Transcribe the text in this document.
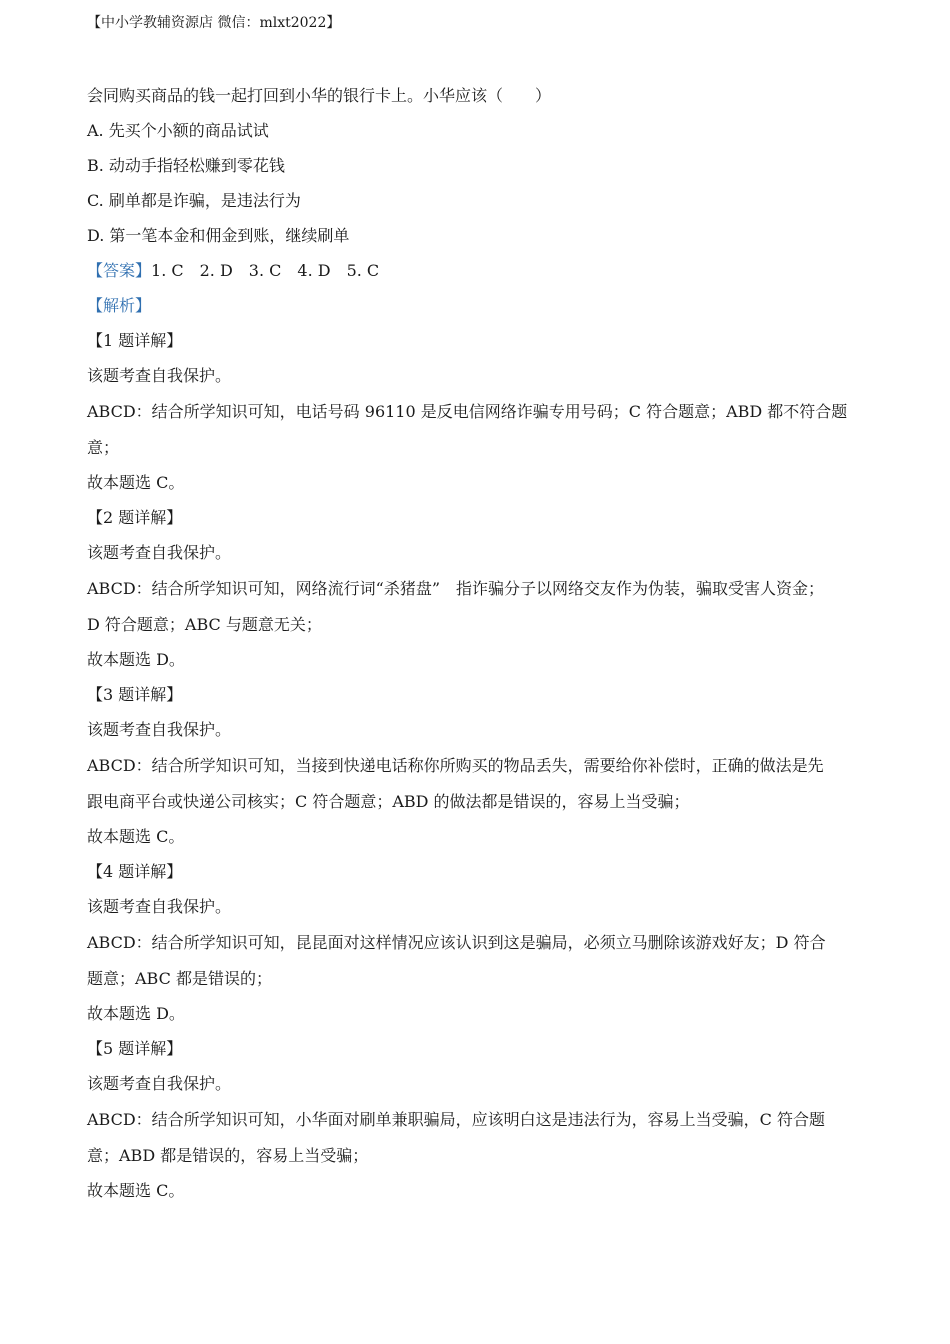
【中小学教辅资源店 微信：mlxt2022】
会同购买商品的钱一起打回到小华的银行卡上。小华应该（　　）
A. 先买个小额的商品试试
B. 动动手指轻松赚到零花钱
C. 刷单都是诈骗，是违法行为
D. 第一笔本金和佣金到账，继续刷单
【答案】1. C　2. D　3. C　4. D　5. C
【解析】
【1 题详解】
该题考查自我保护。
ABCD：结合所学知识可知，电话号码 96110 是反电信网络诈骗专用号码；C 符合题意；ABD 都不符合题
意；
故本题选 C。
【2 题详解】
该题考查自我保护。
ABCD：结合所学知识可知，网络流行词“杀猪盘”　指诈骗分子以网络交友作为伪装，骗取受害人资金；
D 符合题意；ABC 与题意无关；
故本题选 D。
【3 题详解】
该题考查自我保护。
ABCD：结合所学知识可知，当接到快递电话称你所购买的物品丢失，需要给你补偿时，正确的做法是先
跟电商平台或快递公司核实；C 符合题意；ABD 的做法都是错误的，容易上当受骗；
故本题选 C。
【4 题详解】
该题考查自我保护。
ABCD：结合所学知识可知，昆昆面对这样情况应该认识到这是骗局，必须立马删除该游戏好友；D 符合
题意；ABC 都是错误的；
故本题选 D。
【5 题详解】
该题考查自我保护。
ABCD：结合所学知识可知，小华面对刷单兼职骗局，应该明白这是违法行为，容易上当受骗，C 符合题
意；ABD 都是错误的，容易上当受骗；
故本题选 C。
